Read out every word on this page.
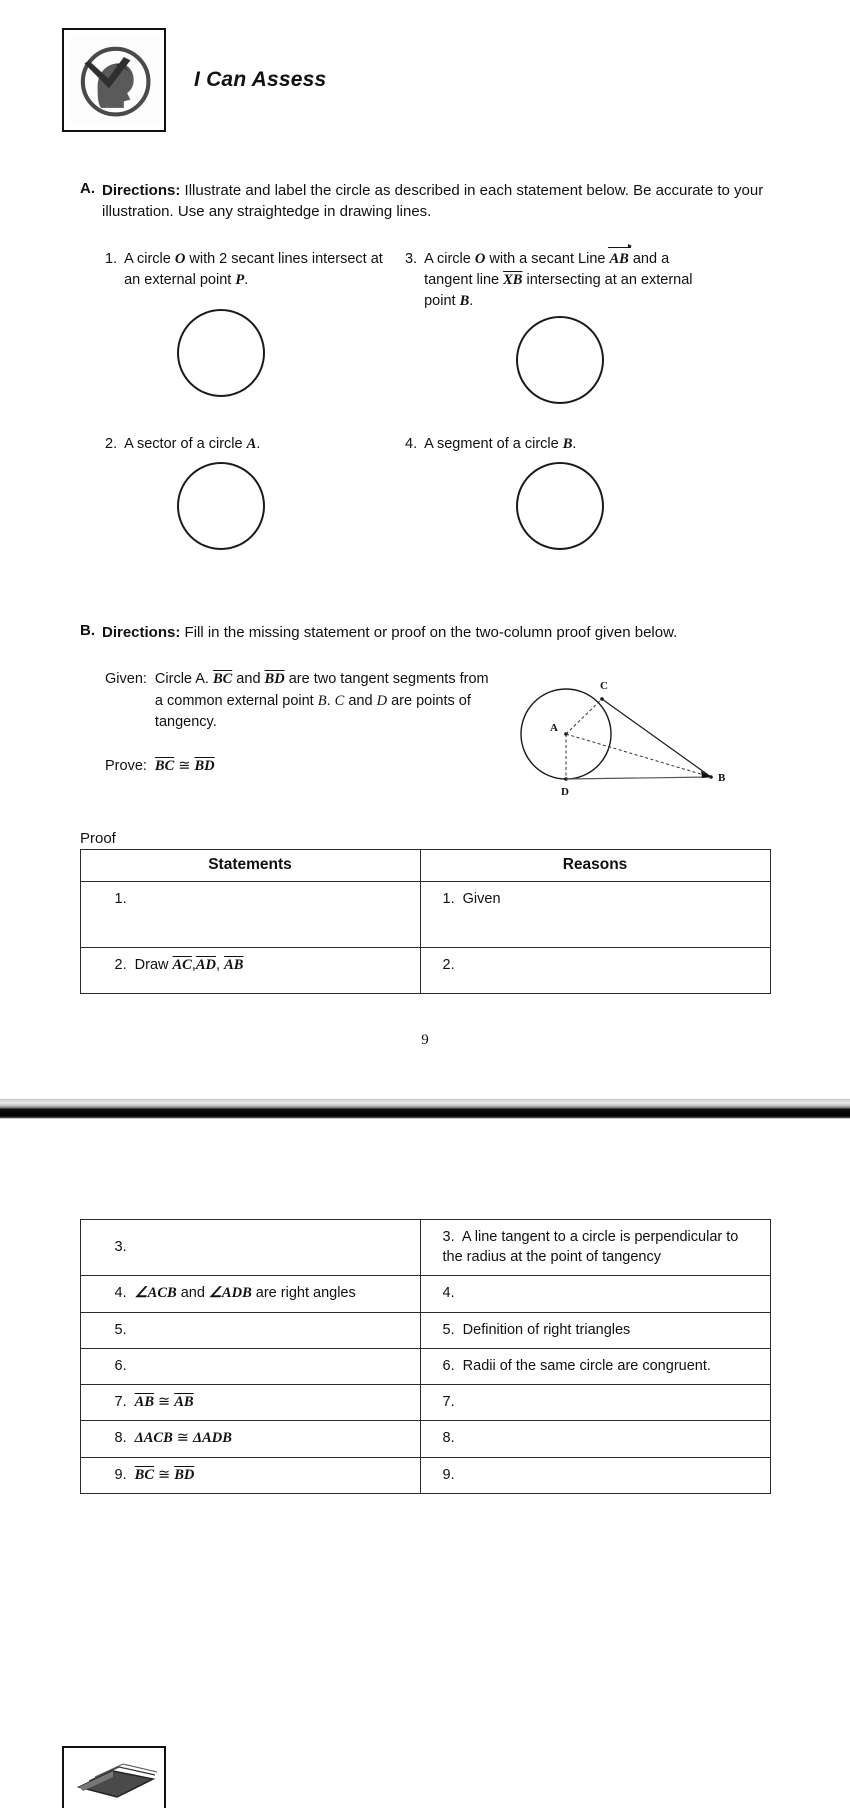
I Can Assess
A. Directions: Illustrate and label the circle as described in each statement below. Be accurate to your illustration. Use any straightedge in drawing lines.
1. A circle O with 2 secant lines intersect at an external point P.
3. A circle O with a secant Line AB and a tangent line $\overline{XB}$ intersecting at an external point B.
2. A sector of a circle A.	4. A segment of a circle B.
B. Directions: Fill in the missing statement or proof on the two-column proof given below.
Given: Circle A. $\overline{BC}$ and $\overline{BD}$ are two tangent segments from a common external point B. C and D are points of tangency.
Prove: $\overline{BC}$ ≅ $\overline{BD}$
C
A
D
B
Proof
Statements	Reasons
1.	1. Given
2.  Draw $\overline{AC},\overline{AD}$, $\overline{AB}$	2.
9
3.	3. A line tangent to a circle is perpendicular to the radius at the point of tangency
4. ∠ACB and ∠ADB are right angles	4.
5.	5. Definition of right triangles
6.	6. Radii of the same circle are congruent.
7. $\overline{AB}$ ≅ $\overline{AB}$	7.
8. ΔACB ≅ ΔADB	8.
9. $\overline{BC}$ ≅ $\overline{BD}$	9.
